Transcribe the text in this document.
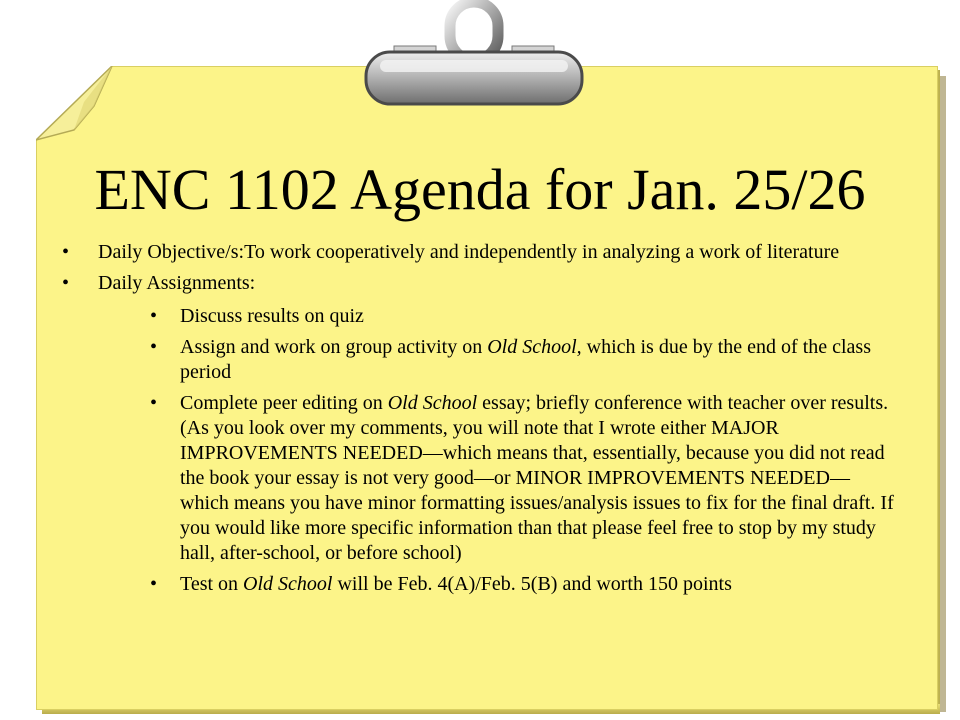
ENC 1102 Agenda for Jan. 25/26
• Daily Objective/s:To work cooperatively and independently in analyzing a work of literature
• Daily Assignments:
• Discuss results on quiz
• Assign and work on group activity on Old School, which is due by the end of the class period
• Complete peer editing on Old School essay; briefly conference with teacher over results. (As you look over my comments, you will note that I wrote either MAJOR IMPROVEMENTS NEEDED—which means that, essentially, because you did not read the book your essay is not very good—or MINOR IMPROVEMENTS NEEDED—which means you have minor formatting issues/analysis issues to fix for the final draft. If you would like more specific information than that please feel free to stop by my study hall, after-school, or before school)
• Test on Old School will be Feb. 4(A)/Feb. 5(B) and worth 150 points
